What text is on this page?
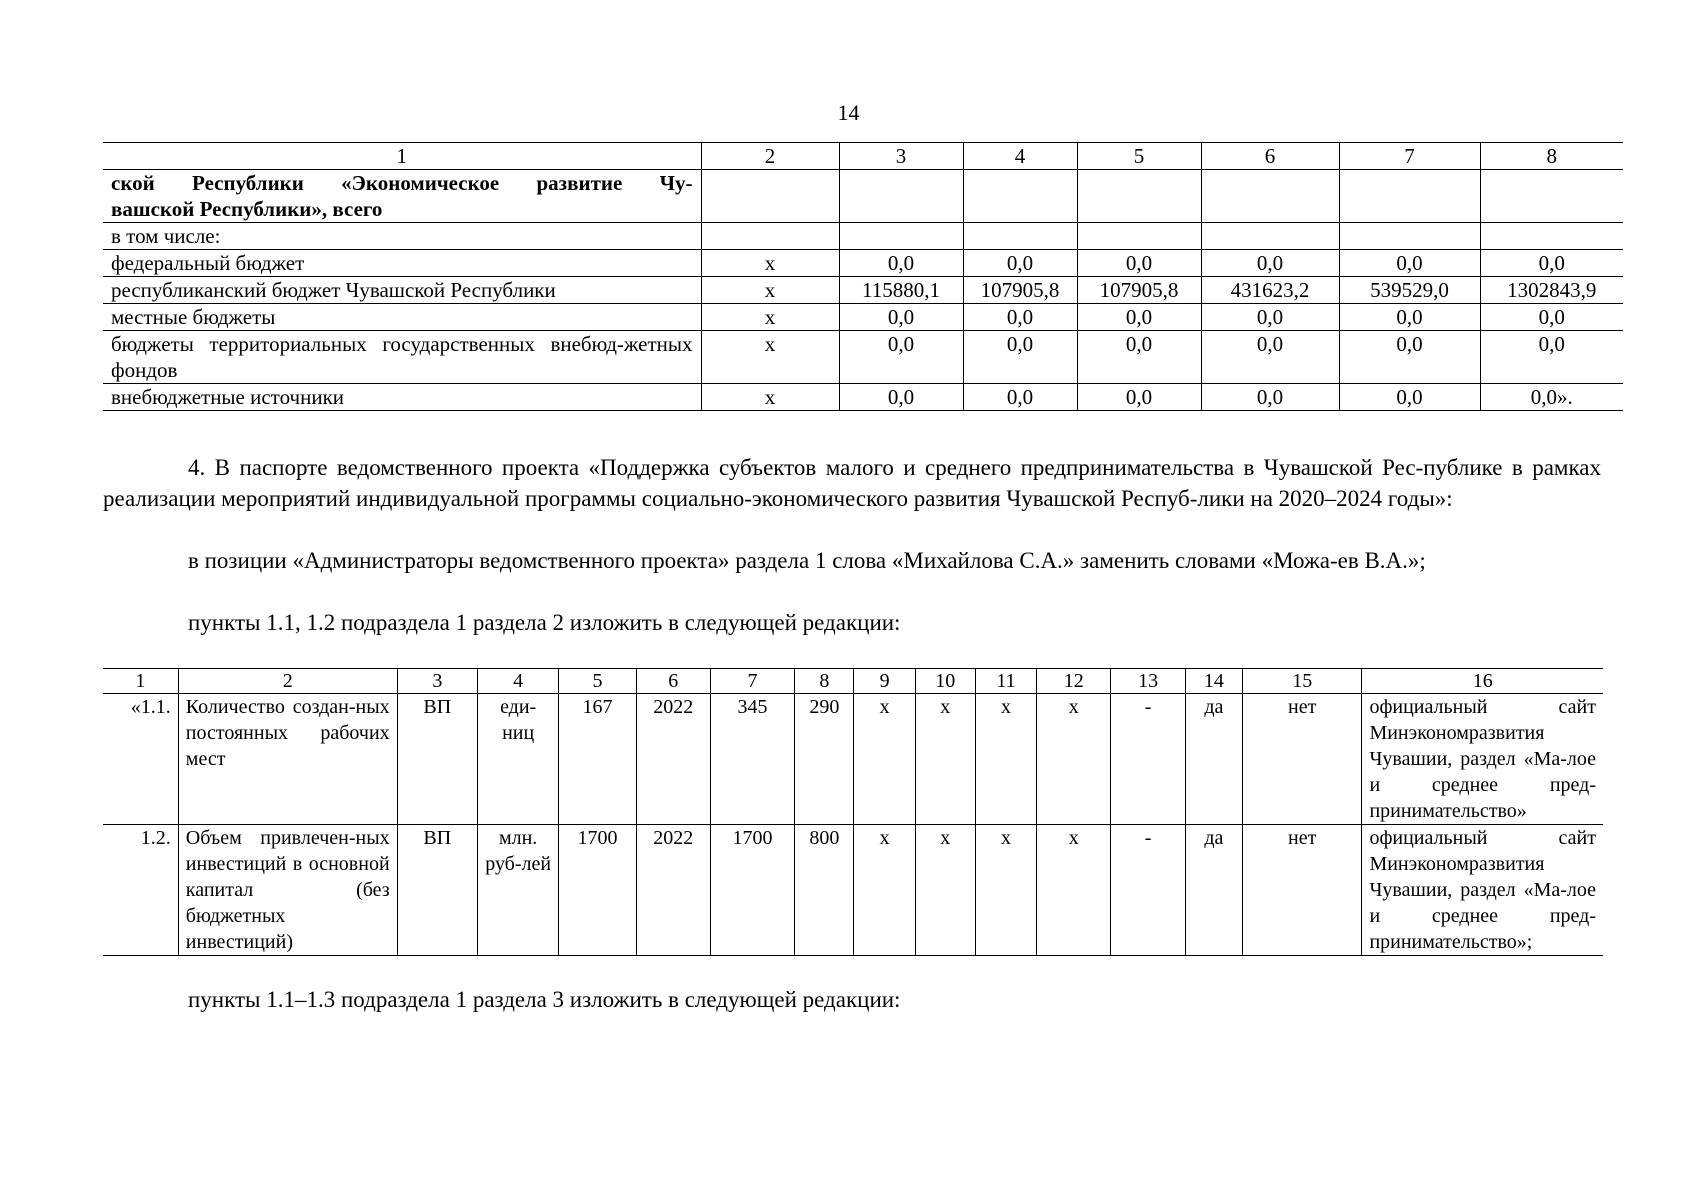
14
1	2	3	4	5	6	7	8

ской Республики «Экономическое развитие Чу-
вашской Республики», всего							

в том числе:							
федеральный бюджет	x	0,0	0,0	0,0	0,0	0,0	0,0
республиканский бюджет Чувашской Республики	x	115880,1	107905,8	107905,8	431623,2	539529,0	1302843,9
местные бюджеты	x	0,0	0,0	0,0	0,0	0,0	0,0
бюджеты территориальных государственных внебюд-жетных фондов	x	0,0	0,0	0,0	0,0	0,0	0,0
внебюджетные источники	x	0,0	0,0	0,0	0,0	0,0	0,0».

4. В паспорте ведомственного проекта «Поддержка субъектов малого и среднего предпринимательства в Чувашской Рес-публике в рамках реализации мероприятий индивидуальной программы социально-экономического развития Чувашской Респуб-лики на 2020–2024 годы»:

в позиции «Администраторы ведомственного проекта» раздела 1 слова «Михайлова С.А.» заменить словами «Можа-ев В.А.»;

пункты 1.1, 1.2 подраздела 1 раздела 2 изложить в следующей редакции:

1	2	3	4	5	6	7	8	9	10	11	12	13	14	15	16
«1.1.	Количество создан-ных постоянных рабочих мест	ВП	еди-ниц	167	2022	345	290	x	x	x	x	-	да	нет	официальный сайт Минэкономразвития Чувашии, раздел «Ма-лое и среднее пред-принимательство»
1.2.	Объем привлечен-ных инвестиций в основной капитал (без бюджетных инвестиций)	ВП	млн. руб-лей	1700	2022	1700	800	x	x	x	x	-	да	нет	официальный сайт Минэкономразвития Чувашии, раздел «Ма-лое и среднее пред-принимательство»;

пункты 1.1–1.3 подраздела 1 раздела 3 изложить в следующей редакции:
